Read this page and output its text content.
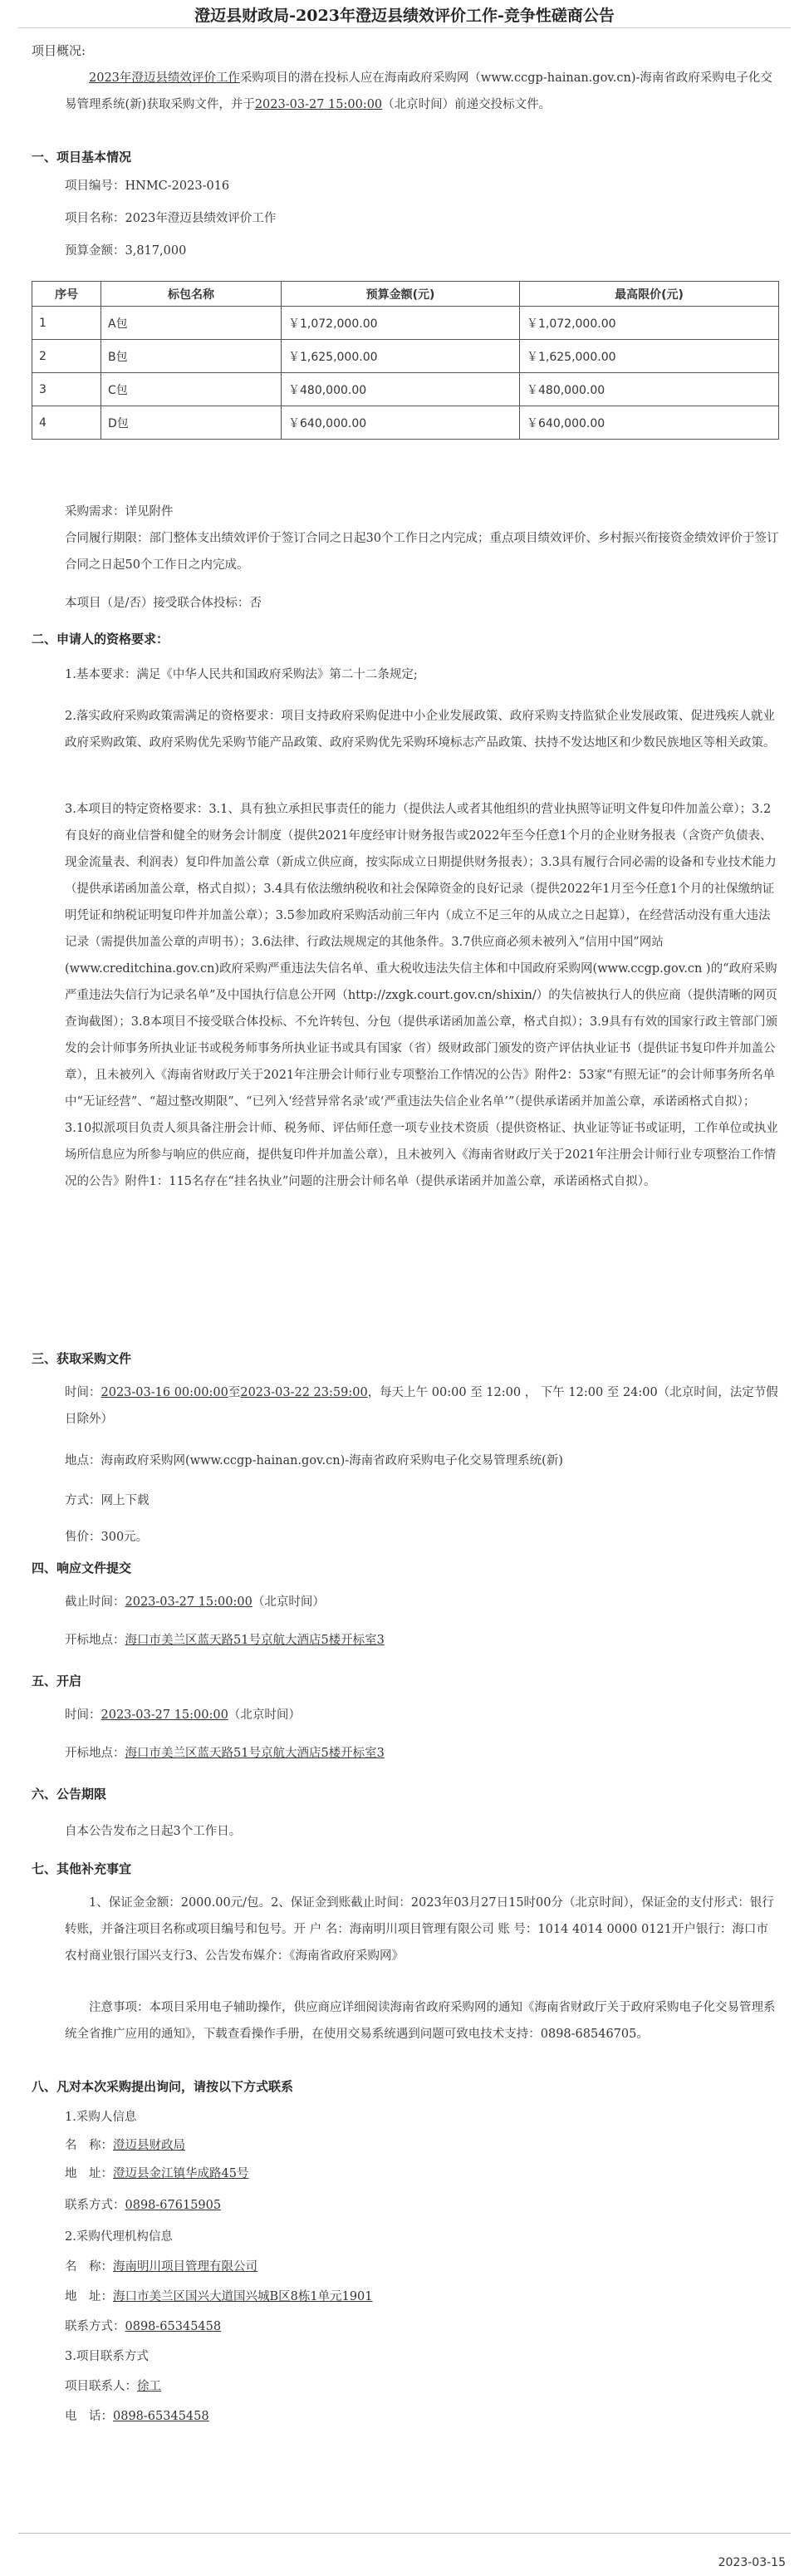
澄迈县财政局-2023年澄迈县绩效评价工作-竞争性磋商公告
项目概况:

2023年澄迈县绩效评价工作采购项目的潜在投标人应在海南政府采购网（www.ccgp-hainan.gov.cn)-海南省政府采购电子化交易管理系统(新)获取采购文件，并于2023-03-27 15:00:00（北京时间）前递交投标文件。

一、项目基本情况

项目编号：HNMC-2023-016

项目名称：2023年澄迈县绩效评价工作

预算金额：3,817,000

序号	标包名称	预算金额(元)	最高限价(元)
1	A包	￥1,072,000.00	￥1,072,000.00
2	B包	￥1,625,000.00	￥1,625,000.00
3	C包	￥480,000.00	￥480,000.00
4	D包	￥640,000.00	￥640,000.00

采购需求：详见附件

合同履行期限：部门整体支出绩效评价于签订合同之日起30个工作日之内完成；重点项目绩效评价、乡村振兴衔接资金绩效评价于签订合同之日起50个工作日之内完成。

本项目（是/否）接受联合体投标：否

二、申请人的资格要求：

1.基本要求：满足《中华人民共和国政府采购法》第二十二条规定;

2.落实政府采购政策需满足的资格要求：项目支持政府采购促进中小企业发展政策、政府采购支持监狱企业发展政策、促进残疾人就业政府采购政策、政府采购优先采购节能产品政策、政府采购优先采购环境标志产品政策、扶持不发达地区和少数民族地区等相关政策。

3.本项目的特定资格要求：3.1、具有独立承担民事责任的能力（提供法人或者其他组织的营业执照等证明文件复印件加盖公章）；3.2有良好的商业信誉和健全的财务会计制度（提供2021年度经审计财务报告或2022年至今任意1个月的企业财务报表（含资产负债表、现金流量表、利润表）复印件加盖公章（新成立供应商，按实际成立日期提供财务报表）；3.3具有履行合同必需的设备和专业技术能力（提供承诺函加盖公章，格式自拟）；3.4具有依法缴纳税收和社会保障资金的良好记录（提供2022年1月至今任意1个月的社保缴纳证明凭证和纳税证明复印件并加盖公章）；3.5参加政府采购活动前三年内（成立不足三年的从成立之日起算），在经营活动没有重大违法记录（需提供加盖公章的声明书）；3.6法律、行政法规规定的其他条件。3.7供应商必须未被列入“信用中国”网站(www.creditchina.gov.cn)政府采购严重违法失信名单、重大税收违法失信主体和中国政府采购网(www.ccgp.gov.cn )的“政府采购严重违法失信行为记录名单”及中国执行信息公开网（http://zxgk.court.gov.cn/shixin/）的失信被执行人的供应商（提供清晰的网页查询截图）；3.8本项目不接受联合体投标、不允许转包、分包（提供承诺函加盖公章，格式自拟）；3.9具有有效的国家行政主管部门颁发的会计师事务所执业证书或税务师事务所执业证书或具有国家（省）级财政部门颁发的资产评估执业证书（提供证书复印件并加盖公章），且未被列入《海南省财政厅关于2021年注册会计师行业专项整治工作情况的公告》附件2：53家“有照无证”的会计师事务所名单中“无证经营”、“超过整改期限”、“已列入‘经营异常名录’或‘严重违法失信企业名单’”（提供承诺函并加盖公章，承诺函格式自拟）；3.10拟派项目负责人须具备注册会计师、税务师、评估师任意一项专业技术资质（提供资格证、执业证等证书或证明，工作单位或执业场所信息应为所参与响应的供应商，提供复印件并加盖公章），且未被列入《海南省财政厅关于2021年注册会计师行业专项整治工作情况的公告》附件1：115名存在“挂名执业”问题的注册会计师名单（提供承诺函并加盖公章，承诺函格式自拟）。

三、获取采购文件

时间：2023-03-16 00:00:00至2023-03-22 23:59:00，每天上午 00:00 至 12:00 ， 下午 12:00 至 24:00（北京时间，法定节假日除外）

地点：海南政府采购网(www.ccgp-hainan.gov.cn)-海南省政府采购电子化交易管理系统(新)

方式：网上下载

售价：300元。

四、响应文件提交

截止时间：2023-03-27 15:00:00（北京时间）

开标地点：海口市美兰区蓝天路51号京航大酒店5楼开标室3

五、开启

时间：2023-03-27 15:00:00（北京时间）

开标地点：海口市美兰区蓝天路51号京航大酒店5楼开标室3

六、公告期限

自本公告发布之日起3个工作日。

七、其他补充事宜

1、保证金金额：2000.00元/包。2、保证金到账截止时间：2023年03月27日15时00分（北京时间），保证金的支付形式：银行转账，并备注项目名称或项目编号和包号。开 户 名：海南明川项目管理有限公司 账 号：1014 4014 0000 0121开户银行：海口市农村商业银行国兴支行3、公告发布媒介：《海南省政府采购网》

注意事项：本项目采用电子辅助操作，供应商应详细阅读海南省政府采购网的通知《海南省财政厅关于政府采购电子化交易管理系统全省推广应用的通知》，下载查看操作手册，在使用交易系统遇到问题可致电技术支持：0898-68546705。

八、凡对本次采购提出询问，请按以下方式联系

1.采购人信息

名　称：澄迈县财政局

地　址：澄迈县金江镇华成路45号

联系方式：0898-67615905

2.采购代理机构信息

名　称：海南明川项目管理有限公司

地　址：海口市美兰区国兴大道国兴城B区8栋1单元1901

联系方式：0898-65345458

3.项目联系方式

项目联系人：徐工

电　话：0898-65345458

2023-03-15
